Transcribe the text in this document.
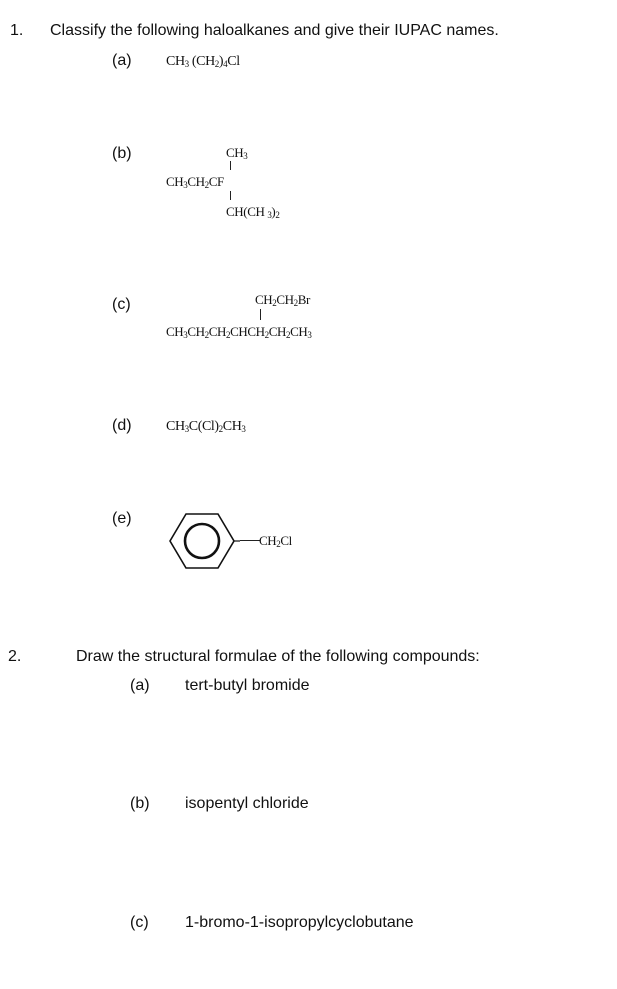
1. Classify the following haloalkanes and give their IUPAC names.
(a) $CH_3$ $(CH_2)_4Cl$
(b)	$CH_3$
$CH_3CH_2CF$
CH(CH $_3)_2$
(c)	$CH_2CH_2Br$
$CH_3CH_2CH_2CHCH_2CH_2CH_3$
(d) $CH_3C(Cl)_2CH_3$
(e)
$CH_2Cl$
2.	Draw the structural formulae of the following compounds:
(a) tert-butyl bromide
(b) isopentyl chloride
(c) 1-bromo-1-isopropylcyclobutane
